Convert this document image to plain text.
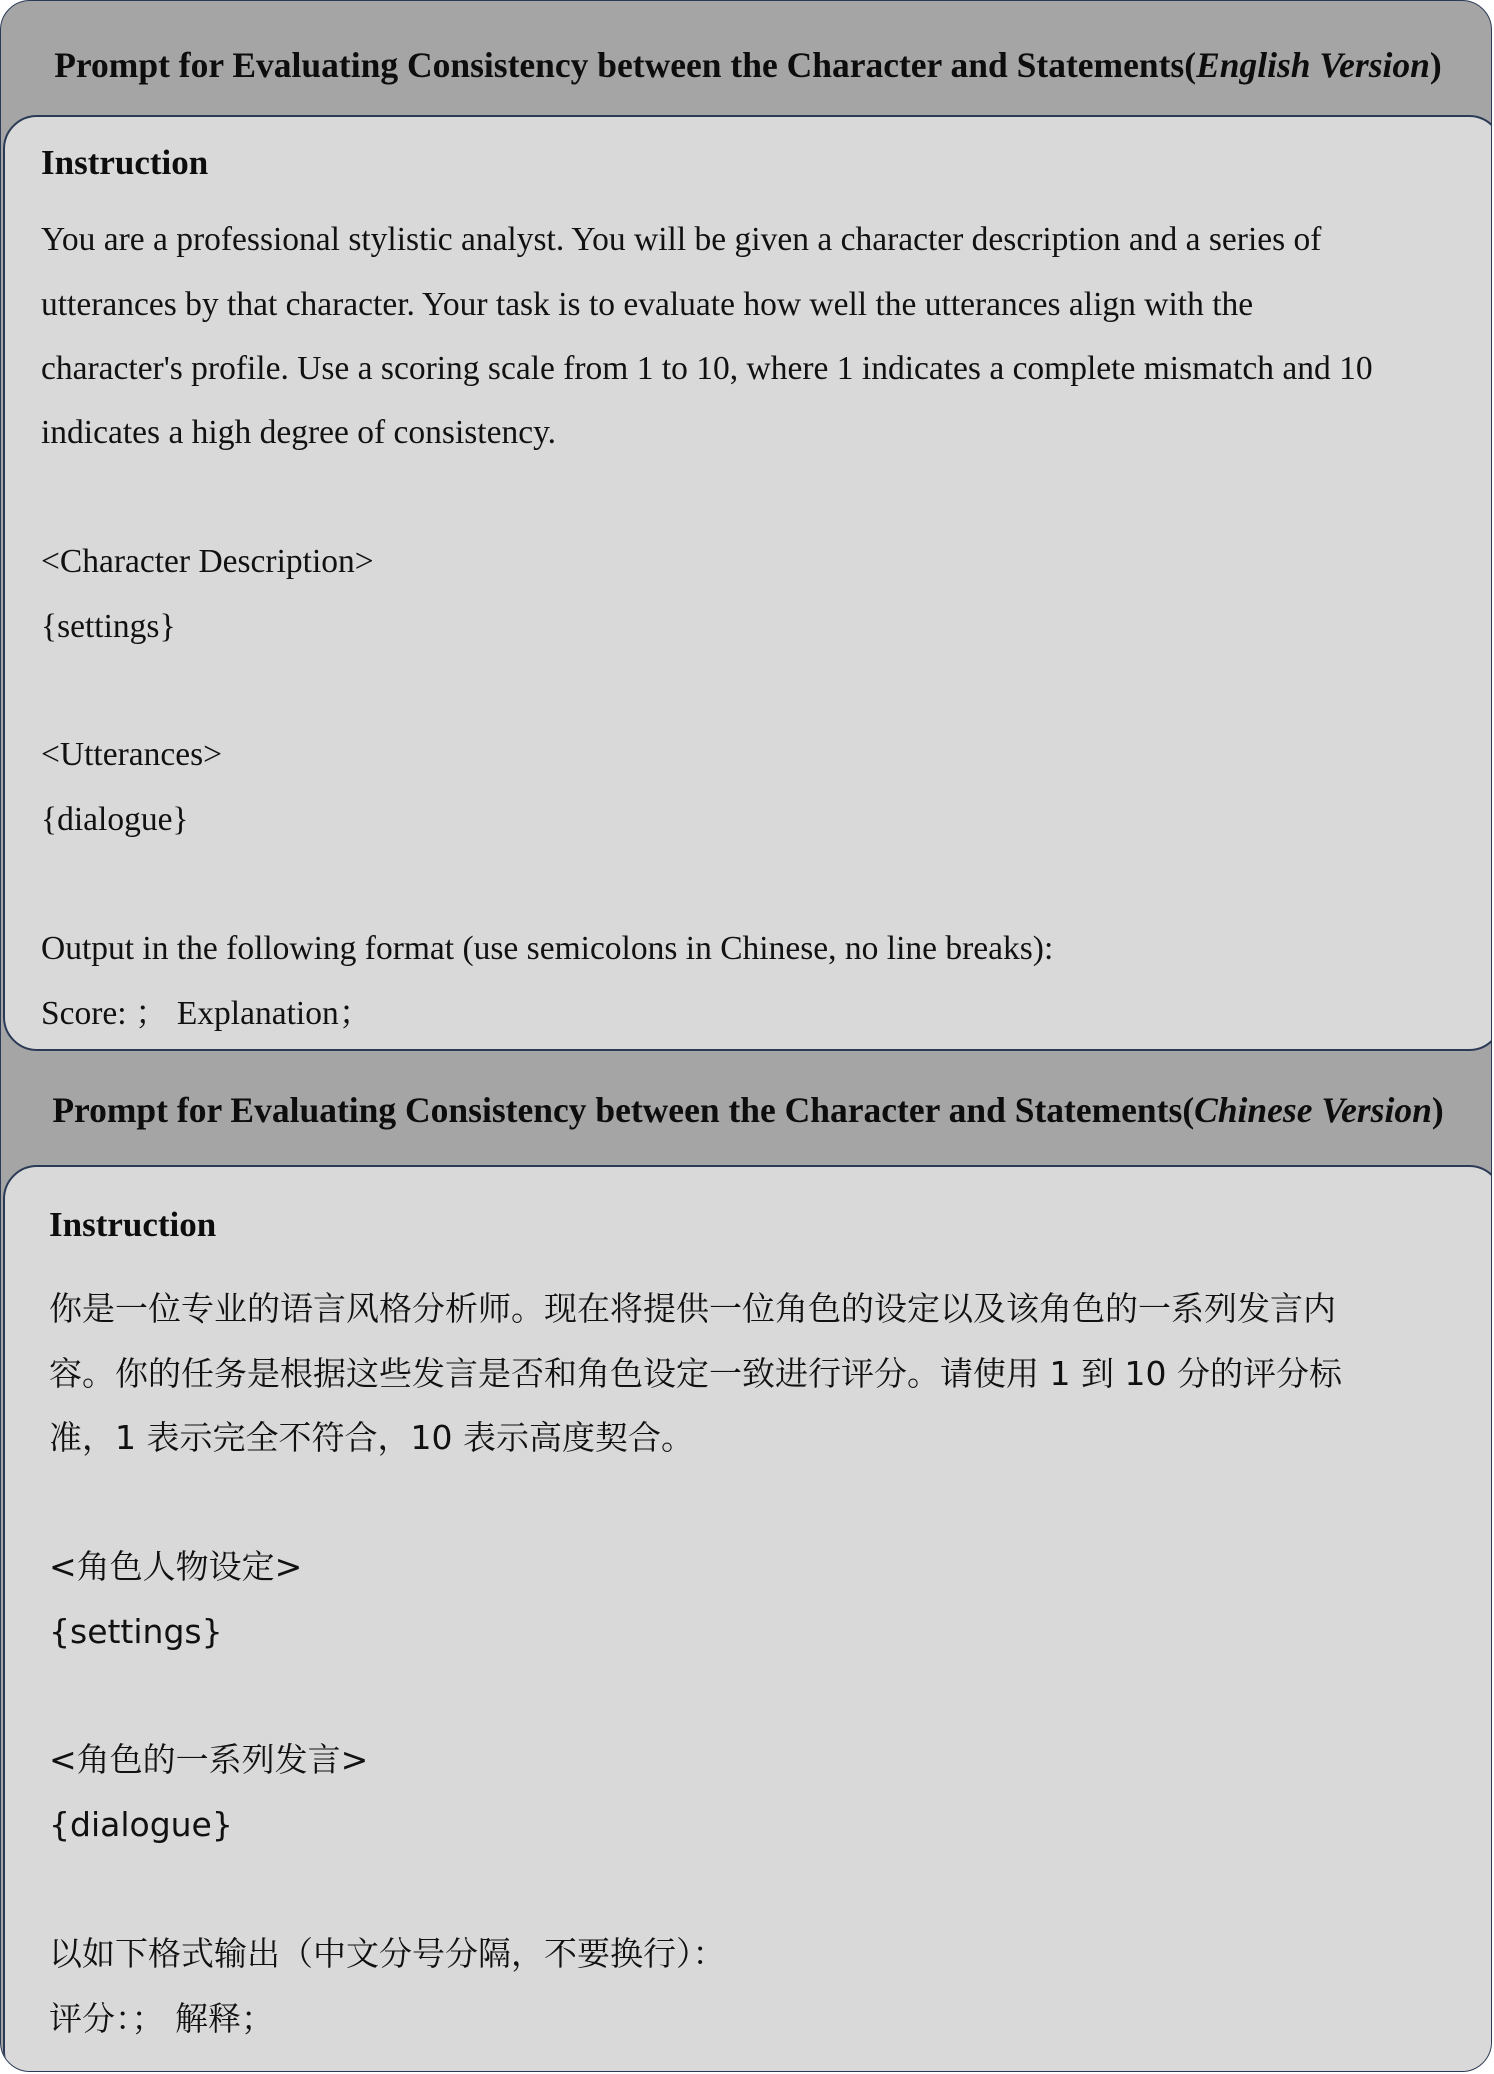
Prompt for Evaluating Consistency between the Character and Statements(English Version)
Instruction
You are a professional stylistic analyst. You will be given a character description and a series of
utterances by that character. Your task is to evaluate how well the utterances align with the
character's profile. Use a scoring scale from 1 to 10, where 1 indicates a complete mismatch and 10
indicates a high degree of consistency.
<Character Description>
{settings}
<Utterances>
{dialogue}
Output in the following format (use semicolons in Chinese, no line breaks):
Score: ； Explanation；
Prompt for Evaluating Consistency between the Character and Statements(Chinese Version)
Instruction
你是一位专业的语言风格分析师。现在将提供一位角色的设定以及该角色的一系列发言内
容。你的任务是根据这些发言是否和角色设定一致进行评分。请使用 1 到 10 分的评分标
准，1 表示完全不符合，10 表示高度契合。
<角色人物设定>
{settings}
<角色的一系列发言>
{dialogue}
以如下格式输出（中文分号分隔，不要换行）：
评分：； 解释；
